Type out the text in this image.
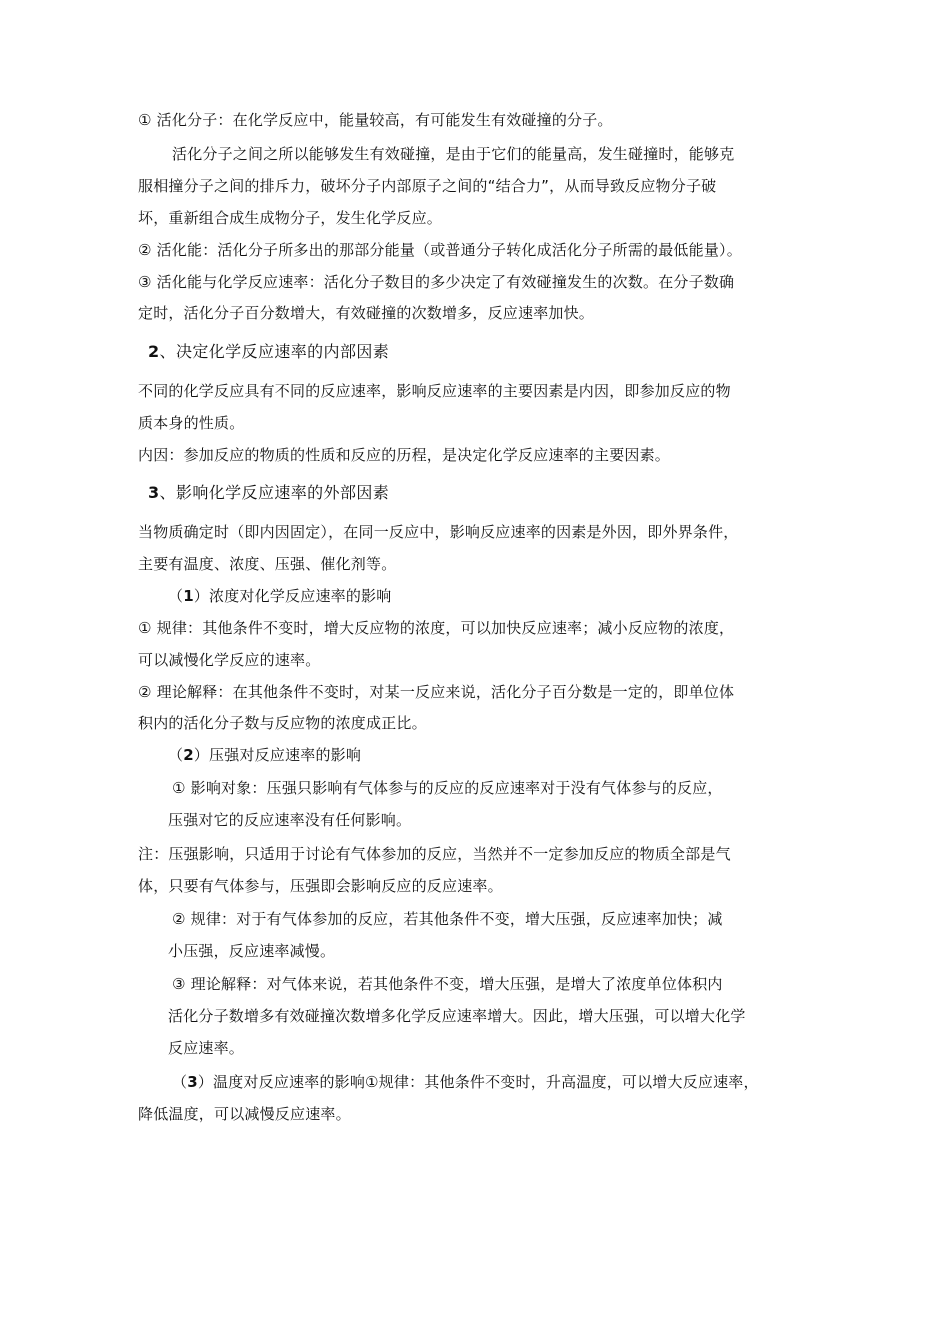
① 活化分子：在化学反应中，能量较高，有可能发生有效碰撞的分子。
活化分子之间之所以能够发生有效碰撞，是由于它们的能量高，发生碰撞时，能够克
服相撞分子之间的排斥力，破坏分子内部原子之间的“结合力”，从而导致反应物分子破
坏，重新组合成生成物分子，发生化学反应。
② 活化能：活化分子所多出的那部分能量（或普通分子转化成活化分子所需的最低能量）。
③ 活化能与化学反应速率：活化分子数目的多少决定了有效碰撞发生的次数。在分子数确
定时，活化分子百分数增大，有效碰撞的次数增多，反应速率加快。
2、决定化学反应速率的内部因素
不同的化学反应具有不同的反应速率，影响反应速率的主要因素是内因，即参加反应的物
质本身的性质。
内因：参加反应的物质的性质和反应的历程，是决定化学反应速率的主要因素。
3、影响化学反应速率的外部因素
当物质确定时（即内因固定），在同一反应中，影响反应速率的因素是外因，即外界条件，
主要有温度、浓度、压强、催化剂等。
（1）浓度对化学反应速率的影响
① 规律：其他条件不变时，增大反应物的浓度，可以加快反应速率；减小反应物的浓度，
可以减慢化学反应的速率。
② 理论解释：在其他条件不变时，对某一反应来说，活化分子百分数是一定的，即单位体
积内的活化分子数与反应物的浓度成正比。
（2）压强对反应速率的影响
① 影响对象：压强只影响有气体参与的反应的反应速率对于没有气体参与的反应，
压强对它的反应速率没有任何影响。
注：压强影响，只适用于讨论有气体参加的反应，当然并不一定参加反应的物质全部是气
体，只要有气体参与，压强即会影响反应的反应速率。
② 规律：对于有气体参加的反应，若其他条件不变，增大压强，反应速率加快；减
小压强，反应速率减慢。
③ 理论解释：对气体来说，若其他条件不变，增大压强，是增大了浓度单位体积内
活化分子数增多有效碰撞次数增多化学反应速率增大。因此，增大压强，可以增大化学
反应速率。
（3）温度对反应速率的影响①规律：其他条件不变时，升高温度，可以增大反应速率，
降低温度，可以减慢反应速率。
